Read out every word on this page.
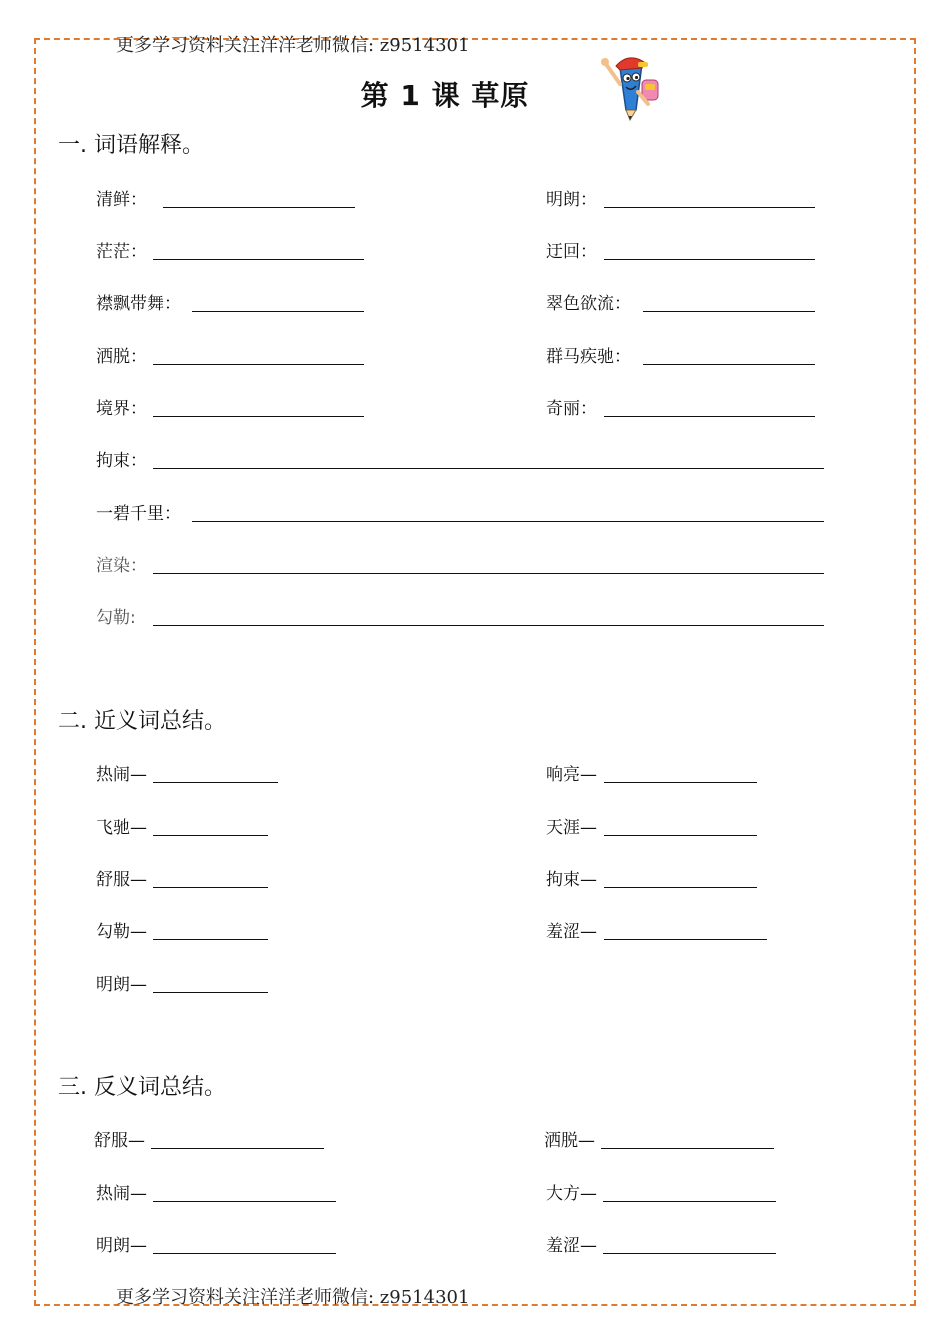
更多学习资料关注洋洋老师微信: z9514301
第 1 课 草原
一. 词语解释。
清鲜：	明朗：
茫茫：	迂回：
襟飘带舞：	翠色欲流：
洒脱：	群马疾驰：
境界：	奇丽：
拘束：
一碧千里：
渲染：
勾勒:
二. 近义词总结。
热闹—	响亮—
飞驰—	天涯—
舒服—	拘束—
勾勒—	羞涩—
明朗—
三. 反义词总结。
舒服—	洒脱—
热闹—	大方—
明朗—	羞涩—
更多学习资料关注洋洋老师微信: z9514301
